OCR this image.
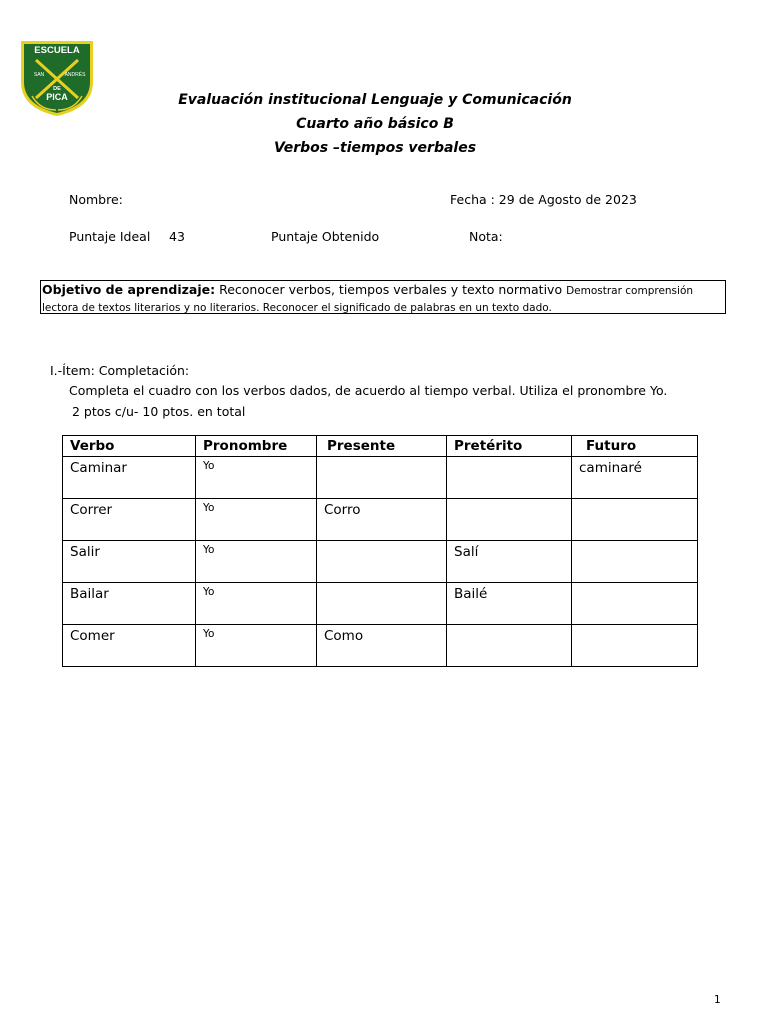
ESCUELA
SAN	ANDRÉS
DE
PICA	Evaluación institucional Lenguaje y Comunicación
Cuarto año básico B
Verbos –tiempos verbales
Nombre:	Fecha : 29 de Agosto de 2023
Puntaje Ideal 43	Puntaje Obtenido	Nota:
Objetivo de aprendizaje: Reconocer verbos, tiempos verbales y texto normativo Demostrar comprensión lectora de textos literarios y no literarios. Reconocer el significado de palabras en un texto dado.
I.-Ítem: Completación:
Completa el cuadro con los verbos dados, de acuerdo al tiempo verbal. Utiliza el pronombre Yo.
2 ptos c/u- 10 ptos. en total
Verbo	Pronombre	Presente	Pretérito	Futuro
Caminar	Yo			caminaré
Correr	Yo	Corro		
Salir	Yo		Salí	
Bailar	Yo		Bailé	
Comer	Yo	Como		
1
